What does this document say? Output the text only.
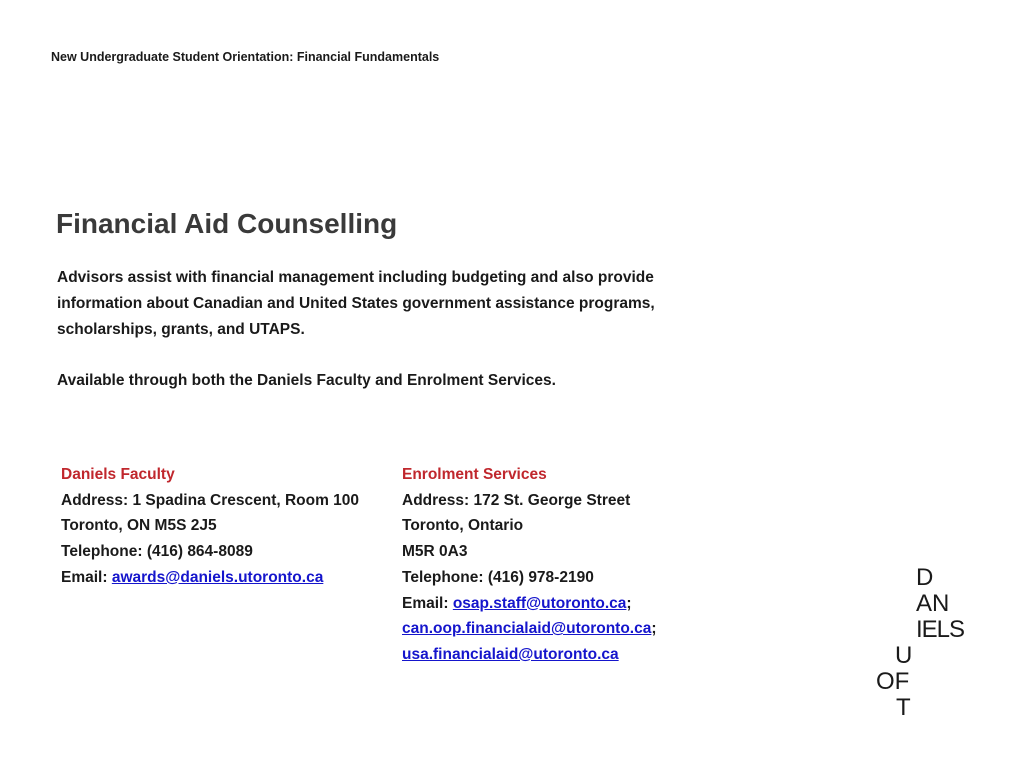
New Undergraduate Student Orientation: Financial Fundamentals
Financial Aid Counselling

Advisors assist with financial management including budgeting and also provide information about Canadian and United States government assistance programs, scholarships, grants, and UTAPS.

Available through both the Daniels Faculty and Enrolment Services.

Daniels Faculty
Address: 1 Spadina Crescent, Room 100
Toronto, ON M5S 2J5
Telephone: (416) 864-8089
Email: awards@daniels.utoronto.ca
Enrolment Services
Address: 172 St. George Street
Toronto, Ontario
M5R 0A3
Telephone: (416) 978-2190
Email: osap.staff@utoronto.ca;
can.oop.financialaid@utoronto.ca;
usa.financialaid@utoronto.ca
D
AN
IELS
U
OF
T
